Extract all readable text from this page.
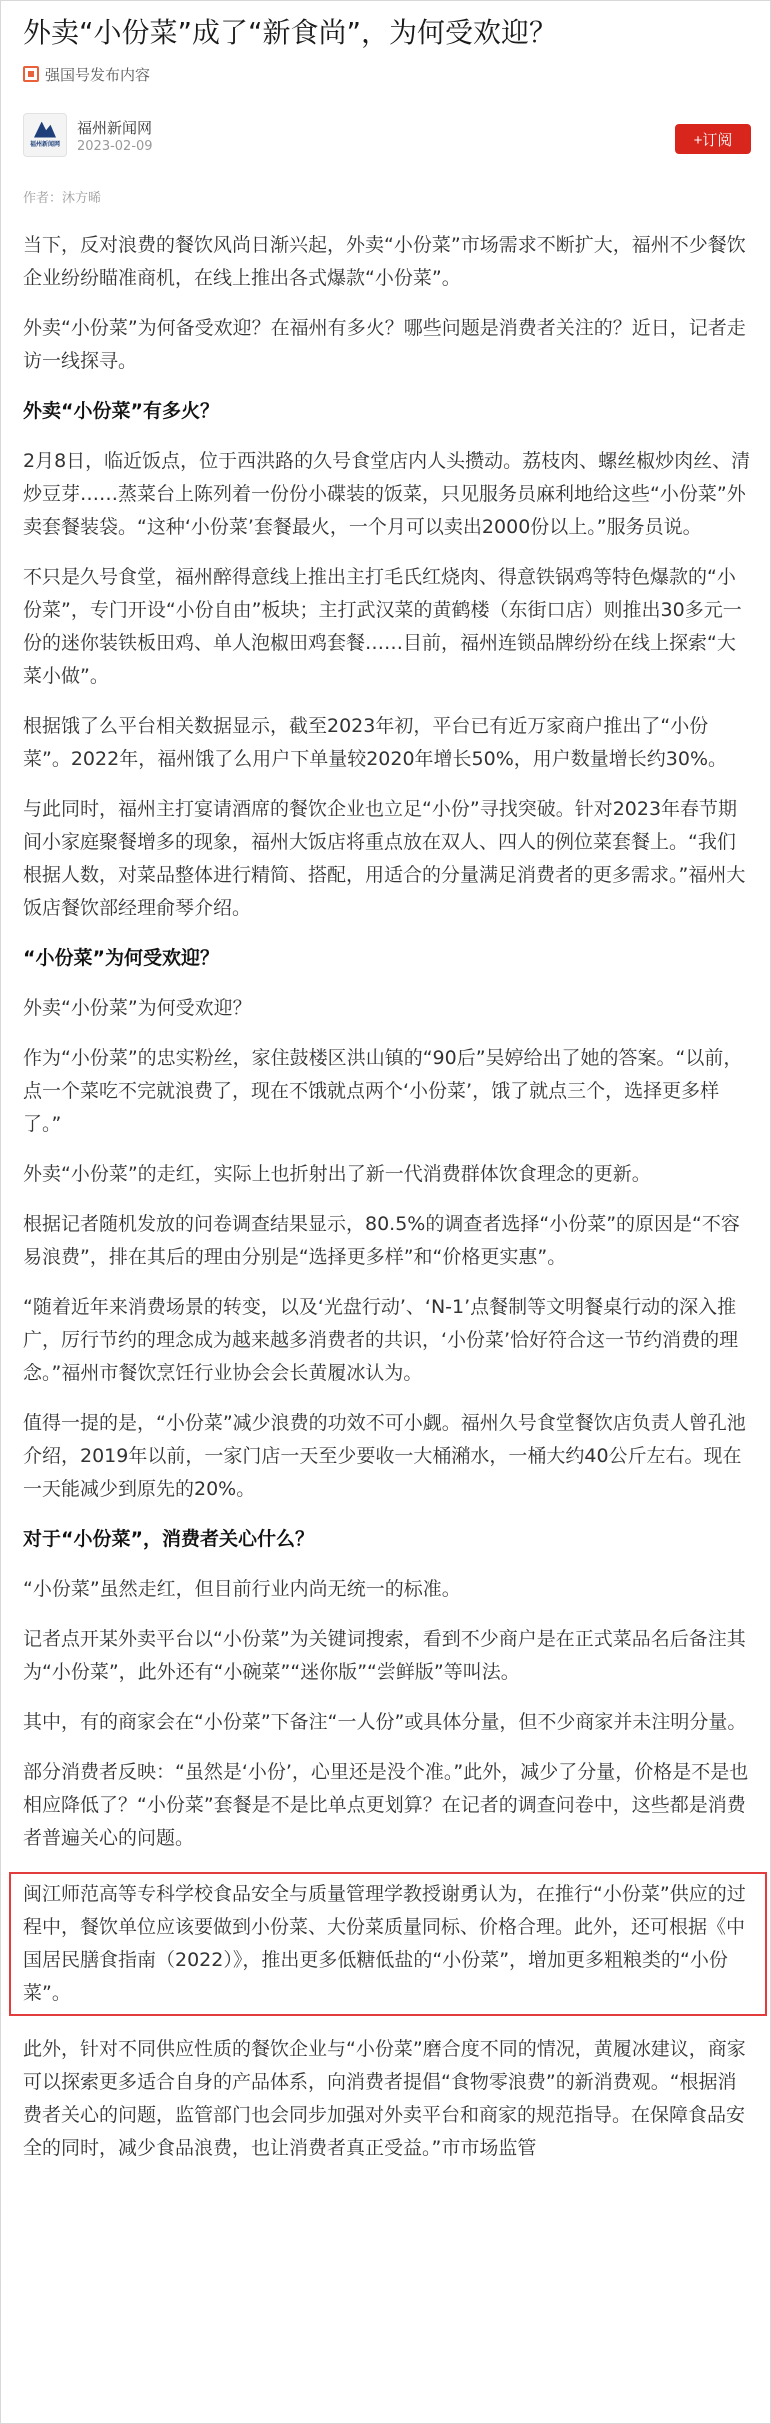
外卖“小份菜”成了“新食尚”，为何受欢迎？
强国号发布内容
福州新闻网
福州新闻网
2023-02-09	+订阅
作者：沐方晞

当下，反对浪费的餐饮风尚日渐兴起，外卖“小份菜”市场需求不断扩大，福州不少餐饮企业纷纷瞄准商机，在线上推出各式爆款“小份菜”。

外卖“小份菜”为何备受欢迎？在福州有多火？哪些问题是消费者关注的？近日，记者走访一线探寻。

外卖“小份菜”有多火？

2月8日，临近饭点，位于西洪路的久号食堂店内人头攒动。荔枝肉、螺丝椒炒肉丝、清炒豆芽……蒸菜台上陈列着一份份小碟装的饭菜，只见服务员麻利地给这些“小份菜”外卖套餐装袋。“这种‘小份菜’套餐最火，一个月可以卖出2000份以上。”服务员说。

不只是久号食堂，福州醉得意线上推出主打毛氏红烧肉、得意铁锅鸡等特色爆款的“小份菜”，专门开设“小份自由”板块；主打武汉菜的黄鹤楼（东街口店）则推出30多元一份的迷你装铁板田鸡、单人泡椒田鸡套餐……目前，福州连锁品牌纷纷在线上探索“大菜小做”。

根据饿了么平台相关数据显示，截至2023年初，平台已有近万家商户推出了“小份菜”。2022年，福州饿了么用户下单量较2020年增长50%，用户数量增长约30%。

与此同时，福州主打宴请酒席的餐饮企业也立足“小份”寻找突破。针对2023年春节期间小家庭聚餐增多的现象，福州大饭店将重点放在双人、四人的例位菜套餐上。“我们根据人数，对菜品整体进行精简、搭配，用适合的分量满足消费者的更多需求。”福州大饭店餐饮部经理俞琴介绍。

“小份菜”为何受欢迎？

外卖“小份菜”为何受欢迎？

作为“小份菜”的忠实粉丝，家住鼓楼区洪山镇的“90后”吴婷给出了她的答案。“以前，点一个菜吃不完就浪费了，现在不饿就点两个‘小份菜’，饿了就点三个，选择更多样了。”

外卖“小份菜”的走红，实际上也折射出了新一代消费群体饮食理念的更新。

根据记者随机发放的问卷调查结果显示，80.5%的调查者选择“小份菜”的原因是“不容易浪费”，排在其后的理由分别是“选择更多样”和“价格更实惠”。

“随着近年来消费场景的转变，以及‘光盘行动’、‘N-1’点餐制等文明餐桌行动的深入推广，厉行节约的理念成为越来越多消费者的共识，‘小份菜’恰好符合这一节约消费的理念。”福州市餐饮烹饪行业协会会长黄履冰认为。

值得一提的是，“小份菜”减少浪费的功效不可小觑。福州久号食堂餐饮店负责人曾孔池介绍，2019年以前，一家门店一天至少要收一大桶潲水，一桶大约40公斤左右。现在一天能减少到原先的20%。

对于“小份菜”，消费者关心什么？

“小份菜”虽然走红，但目前行业内尚无统一的标准。

记者点开某外卖平台以“小份菜”为关键词搜索，看到不少商户是在正式菜品名后备注其为“小份菜”，此外还有“小碗菜”“迷你版”“尝鲜版”等叫法。

其中，有的商家会在“小份菜”下备注“一人份”或具体分量，但不少商家并未注明分量。

部分消费者反映：“虽然是‘小份’，心里还是没个准。”此外，减少了分量，价格是不是也相应降低了？“小份菜”套餐是不是比单点更划算？在记者的调查问卷中，这些都是消费者普遍关心的问题。

闽江师范高等专科学校食品安全与质量管理学教授谢勇认为，在推行“小份菜”供应的过程中，餐饮单位应该要做到小份菜、大份菜质量同标、价格合理。此外，还可根据《中国居民膳食指南（2022）》，推出更多低糖低盐的“小份菜”，增加更多粗粮类的“小份菜”。

此外，针对不同供应性质的餐饮企业与“小份菜”磨合度不同的情况，黄履冰建议，商家可以探索更多适合自身的产品体系，向消费者提倡“食物零浪费”的新消费观。“根据消费者关心的问题，监管部门也会同步加强对外卖平台和商家的规范指导。在保障食品安全的同时，减少食品浪费，也让消费者真正受益。”市市场监管
